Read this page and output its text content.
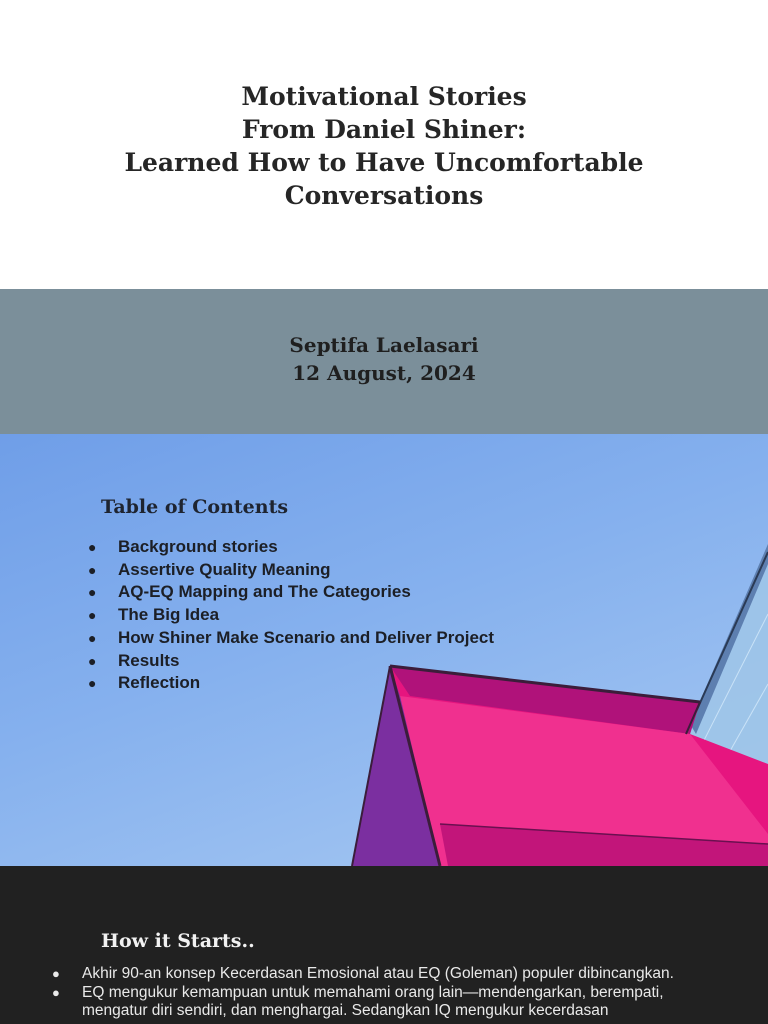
Motivational Stories
From Daniel Shiner:
Learned How to Have Uncomfortable
Conversations
Septifa Laelasari
12 August, 2024
Table of Contents
● Background stories
● Assertive Quality Meaning
● AQ-EQ Mapping and The Categories
● The Big Idea
● How Shiner Make Scenario and Deliver Project
● Results
● Reflection
How it Starts..
● Akhir 90-an konsep Kecerdasan Emosional atau EQ (Goleman) populer dibincangkan.
● EQ mengukur kemampuan untuk memahami orang lain—mendengarkan, berempati, mengatur diri sendiri, dan menghargai. Sedangkan IQ mengukur kecerdasan
